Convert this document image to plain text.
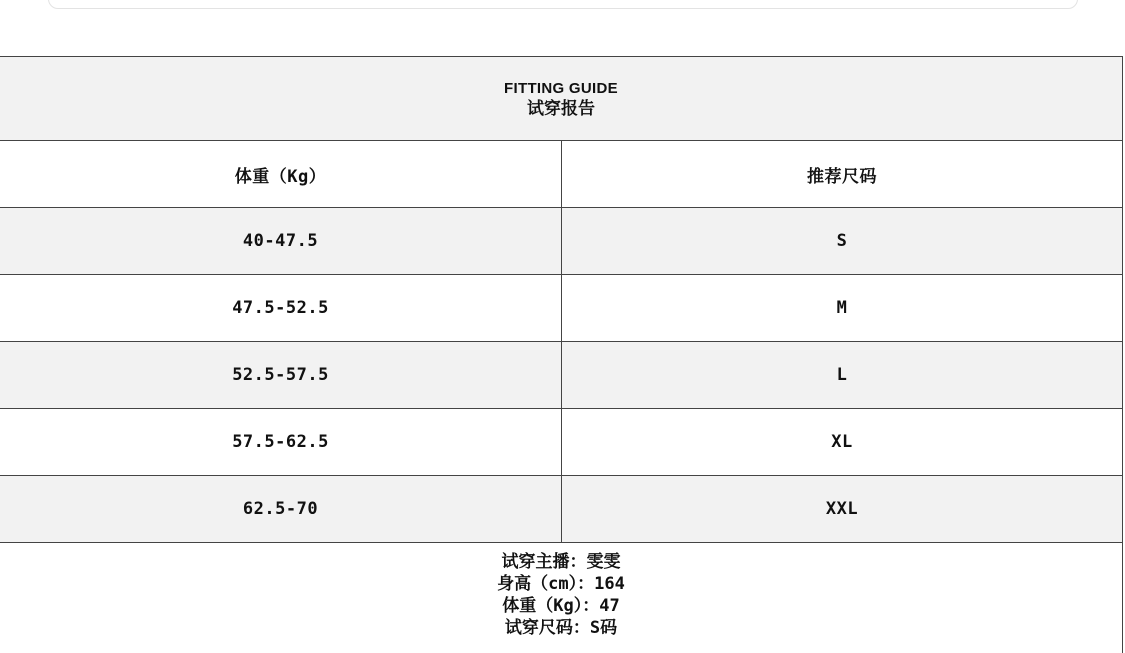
FITTING GUIDE
试穿报告
体重（Kg）	推荐尺码
40-47.5	S
47.5-52.5	M
52.5-57.5	L
57.5-62.5	XL
62.5-70	XXL
试穿主播：雯雯
身高（cm）：164
体重（Kg）：47
试穿尺码：S码
